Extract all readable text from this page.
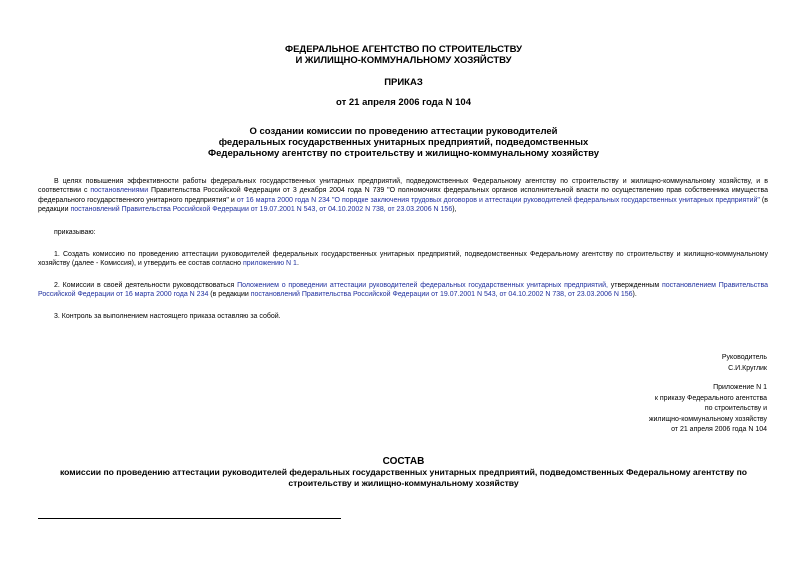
ФЕДЕРАЛЬНОЕ АГЕНТСТВО ПО СТРОИТЕЛЬСТВУ
И ЖИЛИЩНО-КОММУНАЛЬНОМУ ХОЗЯЙСТВУ
ПРИКАЗ
от 21 апреля 2006 года N 104
О создании комиссии по проведению аттестации руководителей
федеральных государственных унитарных предприятий, подведомственных
Федеральному агентству по строительству и жилищно-коммунальному хозяйству
В целях повышения эффективности работы федеральных государственных унитарных предприятий, подведомственных Федеральному агентству по строительству и жилищно-коммунальному хозяйству, и в соответствии с постановлениями Правительства Российской Федерации от 3 декабря 2004 года N 739 "О полномочиях федеральных органов исполнительной власти по осуществлению прав собственника имущества федерального государственного унитарного предприятия" и от 16 марта 2000 года N 234 "О порядке заключения трудовых договоров и аттестации руководителей федеральных государственных унитарных предприятий" (в редакции постановлений Правительства Российской Федерации от 19.07.2001 N 543, от 04.10.2002 N 738, от 23.03.2006 N 156),
приказываю:
1. Создать комиссию по проведению аттестации руководителей федеральных государственных унитарных предприятий, подведомственных Федеральному агентству по строительству и жилищно-коммунальному хозяйству (далее - Комиссия), и утвердить ее состав согласно приложению N 1.
2. Комиссии в своей деятельности руководствоваться Положением о проведении аттестации руководителей федеральных государственных унитарных предприятий, утвержденным постановлением Правительства Российской Федерации от 16 марта 2000 года N 234 (в редакции постановлений Правительства Российской Федерации от 19.07.2001 N 543, от 04.10.2002 N 738, от 23.03.2006 N 156).
3. Контроль за выполнением настоящего приказа оставляю за собой.
Руководитель
С.И.Круглик
Приложение N 1
к приказу Федерального агентства
по строительству и
жилищно-коммунальному хозяйству
от 21 апреля 2006 года N 104
СОСТАВ
комиссии по проведению аттестации руководителей федеральных государственных унитарных предприятий, подведомственных Федеральному агентству по
строительству и жилищно-коммунальному хозяйству
